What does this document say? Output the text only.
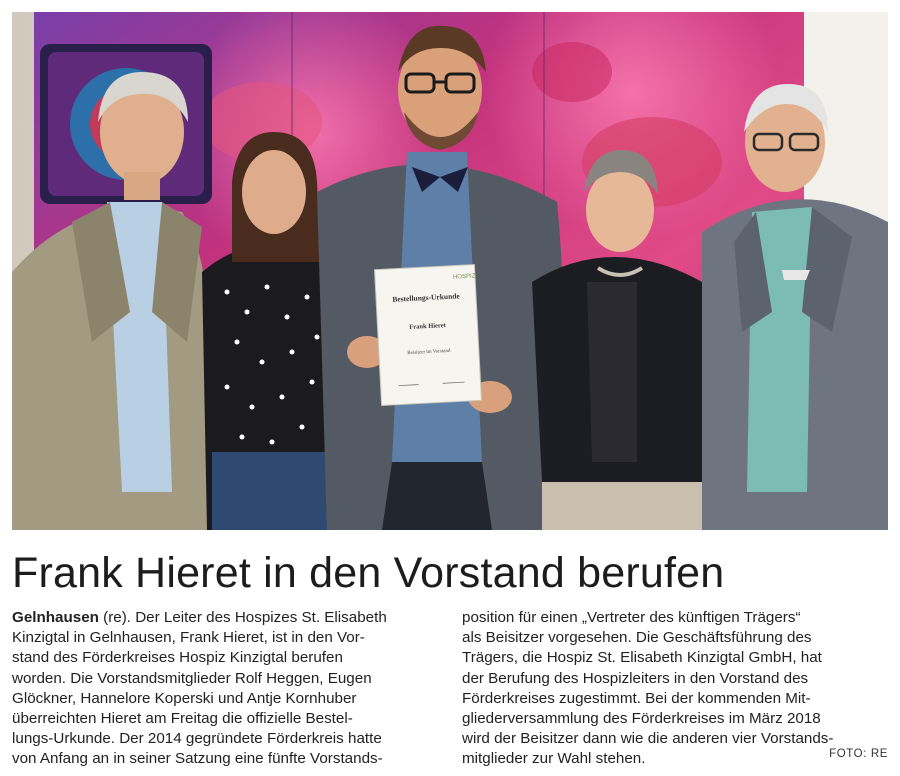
HOSPIZ
Bestellungs-Urkunde
Frank Hieret
Beisitzer im Vorstand
Frank Hieret in den Vorstand berufen
Gelnhausen (re). Der Leiter des Hospizes St. Elisabeth
Kinzigtal in Gelnhausen, Frank Hieret, ist in den Vor-
stand des Förderkreises Hospiz Kinzigtal berufen
worden. Die Vorstandsmitglieder Rolf Heggen, Eugen
Glöckner, Hannelore Koperski und Antje Kornhuber
überreichten Hieret am Freitag die offizielle Bestel-
lungs-Urkunde. Der 2014 gegründete Förderkreis hatte
von Anfang an in seiner Satzung eine fünfte Vorstands-
position für einen „Vertreter des künftigen Trägers“
als Beisitzer vorgesehen. Die Geschäftsführung des
Trägers, die Hospiz St. Elisabeth Kinzigtal GmbH, hat
der Berufung des Hospizleiters in den Vorstand des
Förderkreises zugestimmt. Bei der kommenden Mit-
gliederversammlung des Förderkreises im März 2018
wird der Beisitzer dann wie die anderen vier Vorstands-
mitglieder zur Wahl stehen.	FOTO: RE
